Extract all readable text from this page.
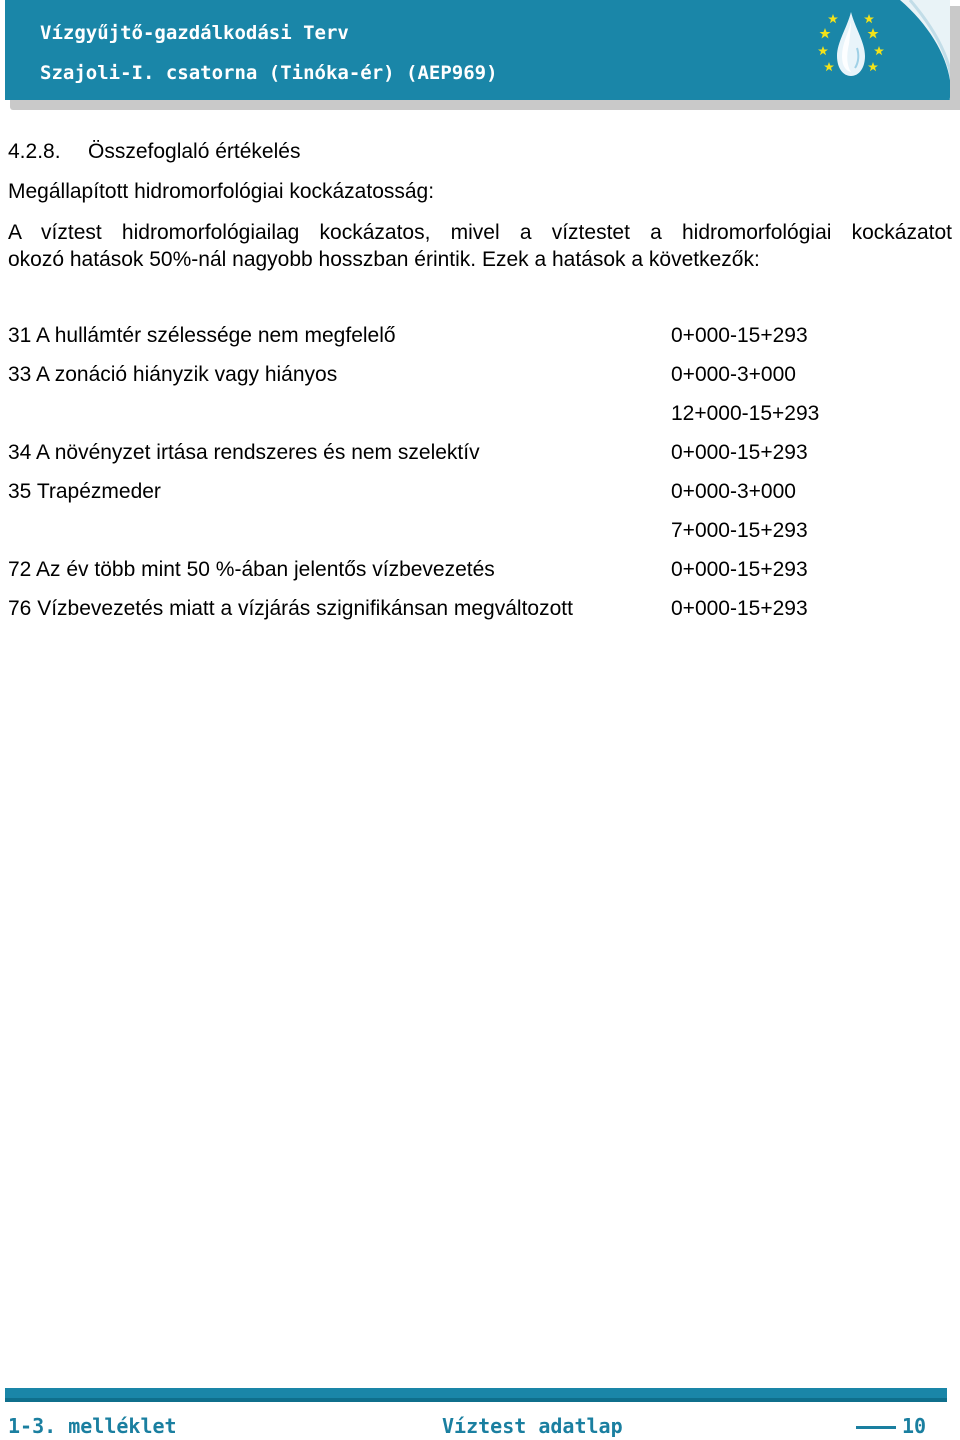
Vízgyűjtő-gazdálkodási Terv
Szajoli-I. csatorna (Tinóka-ér) (AEP969)
4.2.8. Összefoglaló értékelés
Megállapított hidromorfológiai kockázatosság:
A víztest hidromorfológiailag kockázatos, mivel a víztestet a hidromorfológiai kockázatot
okozó hatások 50%-nál nagyobb hosszban érintik. Ezek a hatások a következők:
31 A hullámtér szélessége nem megfelelő	0+000-15+293
33 A zonáció hiányzik vagy hiányos	0+000-3+000
12+000-15+293
34 A növényzet irtása rendszeres és nem szelektív	0+000-15+293
35 Trapézmeder	0+000-3+000
7+000-15+293
72 Az év több mint 50 %-ában jelentős vízbevezetés	0+000-15+293
76 Vízbevezetés miatt a vízjárás szignifikánsan megváltozott	0+000-15+293
1-3. melléklet	Víztest adatlap	10
